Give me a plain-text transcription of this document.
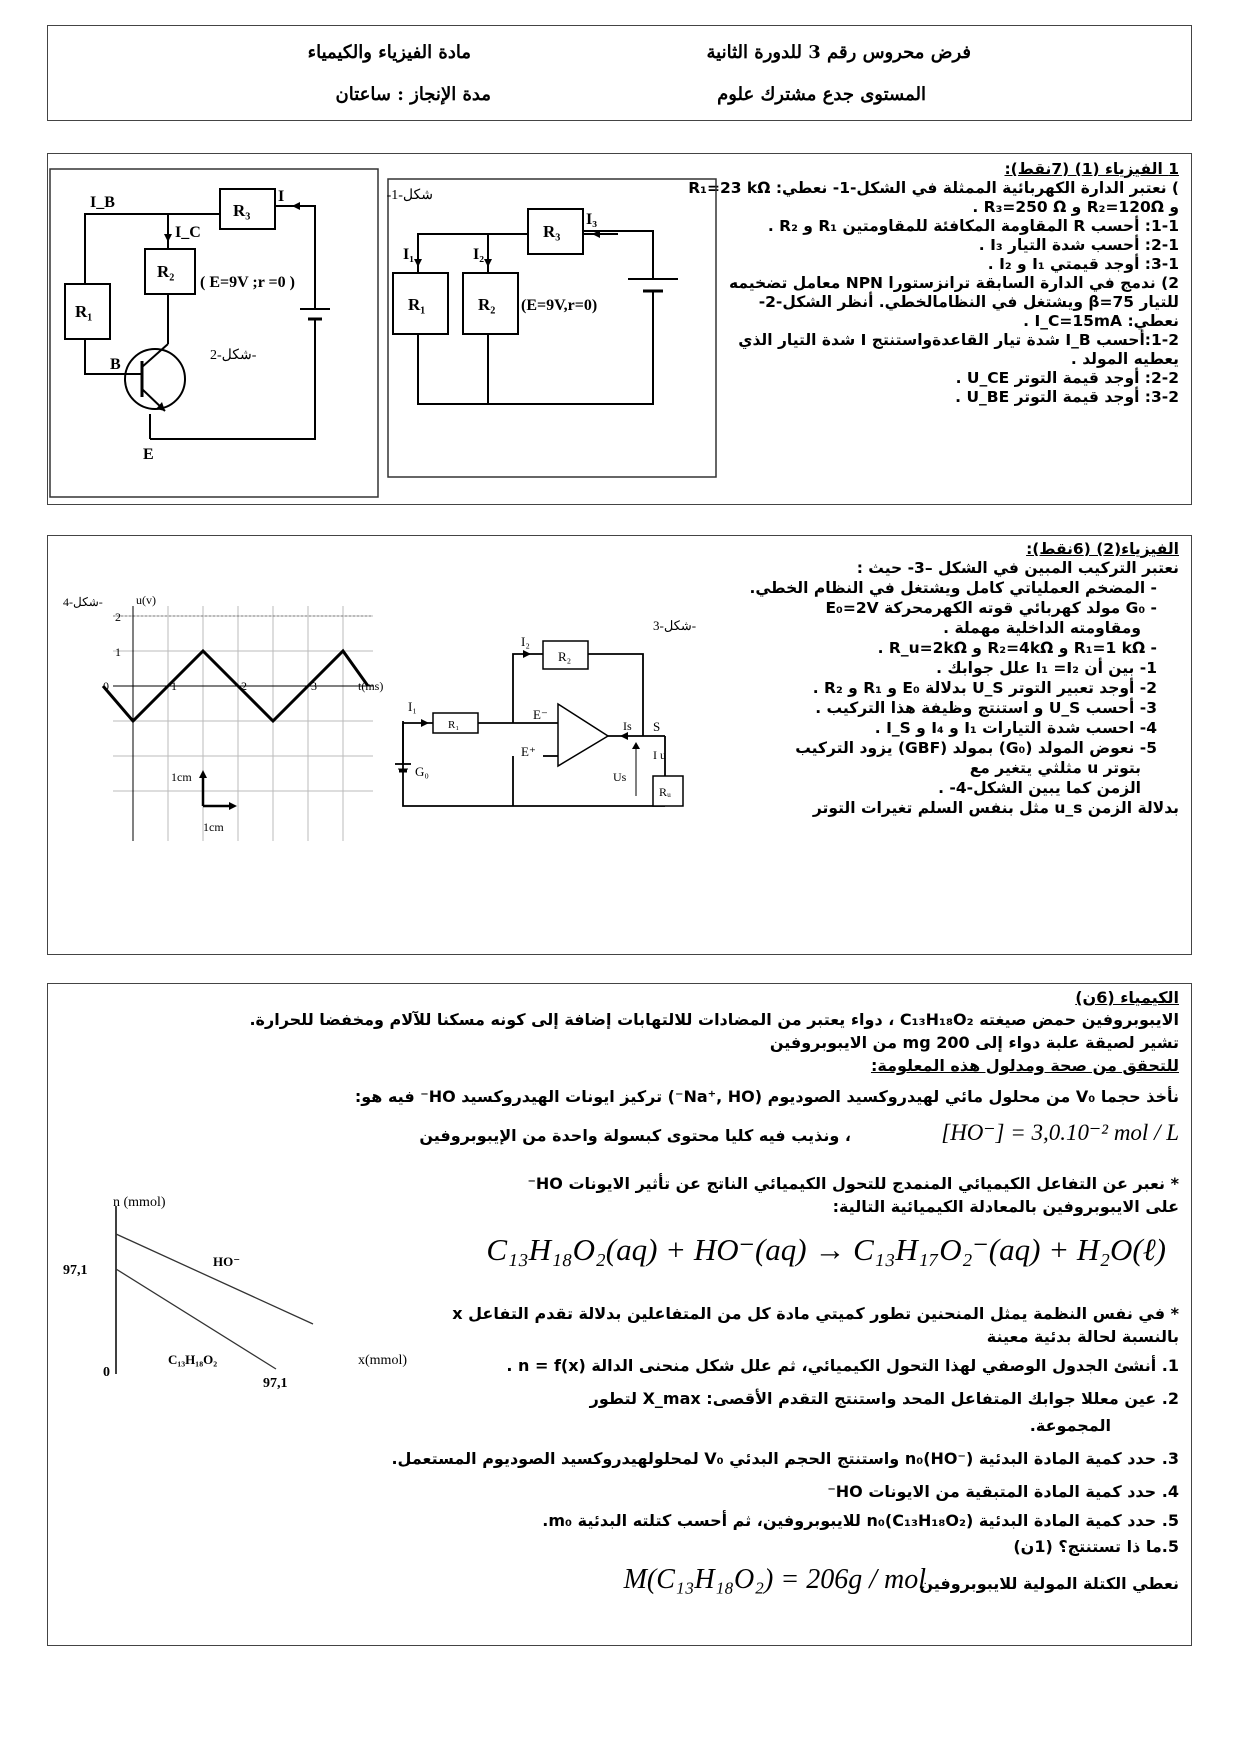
فرض محروس رقم 3 للدورة الثانية
مادة الفيزياء والكيمياء
المستوى جدع مشترك علوم
مدة الإنجاز : ساعتان
1 الفيزياء (1) (7نقط):
) نعتبر الدارة الكهربائية الممثلة في الشكل-1- نعطي: R₁=23 kΩ
و R₂=120Ω و R₃=250 Ω .
1-1: أحسب R المقاومة المكافئة للمقاومتين R₁ و R₂ .
2-1: أحسب شدة التيار I₃ .
3-1: أوجد قيمتي I₁ و I₂ .
2) ندمج في الدارة السابقة ترانزستورا NPN معامل تضخيمه
للتيار β=75 ويشتغل في النظامالخطي. أنظر الشكل-2-
نعطي: I_C=15mA .
1-2:أحسب I_B شدة تيار القاعدةواستنتج I شدة التيار الذي
يعطيه المولد .
2-2: أوجد قيمة التوتر U_CE .
3-2: أوجد قيمة التوتر U_BE .
شكل-1-
R₃
R₁	R₂
I₁	I₂
I₃
(E=9V,r=0)
شكل-2-
R₃
R₂
R₁
I_B
I_C
I
( E=9V ;r =0 )
B
E
الفيزياء(2) (6نقط):
نعتبر التركيب المبين في الشكل –3- حيث :
- المضخم العملياتي كامل ويشتغل في النظام الخطي.
- G₀ مولد كهربائي قوته الكهرمحركة E₀=2V
ومقاومته الداخلية مهملة .
- R₁=1 kΩ و R₂=4kΩ و R_u=2kΩ .
1- بين أن I₁ =I₂ علل جوابك .
2- أوجد تعبير التوتر U_S بدلالة E₀ و R₁ و R₂ .
3- أحسب U_S و استنتج وظيفة هذا التركيب .
4- احسب شدة التيارات I₁ و I₄ و I_S .
5- نعوض المولد (G₀) بمولد (GBF) يزود التركيب
بتوتر u مثلثي يتغير مع
الزمن كما يبين الشكل-4- .
بدلالة الزمن u_s مثل بنفس السلم تغيرات التوتر
شكل-3-
I₁
I₂
R₁
R₂
E⁻
E⁺
Is S
I u
Us
Rᵤ
G₀
شكل-4-	u(v)
t(ms)
2
1
0	1	2	3
1cm
1cm
الكيمياء (6ن)
الايبوبروفين حمض صيغته C₁₃H₁₈O₂ ، دواء يعتبر من المضادات للالتهابات إضافة إلى كونه مسكنا للآلام ومخفضا للحرارة.
تشير لصيقة علبة دواء إلى 200 mg من الايبوبروفين
للتحقق من صحة ومدلول هذه المعلومة:
نأخذ حجما V₀ من محلول مائي لهيدروكسيد الصوديوم (Na⁺, HO⁻) تركيز ايونات الهيدروكسيد HO⁻ فيه هو:
، ونذيب فيه كليا محتوى كبسولة واحدة من الإيبوبروفين
* نعبر عن التفاعل الكيميائي المنمدج للتحول الكيميائي الناتج عن تأثير الايونات HO⁻
على الايبوبروفين بالمعادلة الكيميائية التالية:
* في نفس النظمة يمثل المنحنين تطور كميتي مادة كل من المتفاعلين بدلالة تقدم التفاعل x
بالنسبة لحالة بدئية معينة
1. أنشئ الجدول الوصفي لهذا التحول الكيميائي، ثم علل شكل منحنى الدالة n = f(x) .
2. عين معللا جوابك المتفاعل المحد واستنتج التقدم الأقصى: X_max لتطور
المجموعة.
3. حدد كمية المادة البدئية n₀(HO⁻) واستنتج الحجم البدئي V₀ لمحلولهيدروكسيد الصوديوم المستعمل.
4. حدد كمية المادة المتبقية من الايونات HO⁻
5. حدد كمية المادة البدئية n₀(C₁₃H₁₈O₂) للايبوبروفين، ثم أحسب كتلته البدئية m₀.
5.ما ذا تستنتج؟ (1ن)
نعطي الكتلة المولية للايبوبروفين
[HO⁻] = 3,0.10⁻² mol / L
C₁₃H₁₈O₂(aq) + HO⁻(aq) → C₁₃H₁₇O₂⁻(aq) + H₂O(ℓ)
M(C₁₃H₁₈O₂) = 206g / mol
n (mmol)
x(mmol)
97,1
97,1
0
HO⁻
C₁₃H₁₈O₂
